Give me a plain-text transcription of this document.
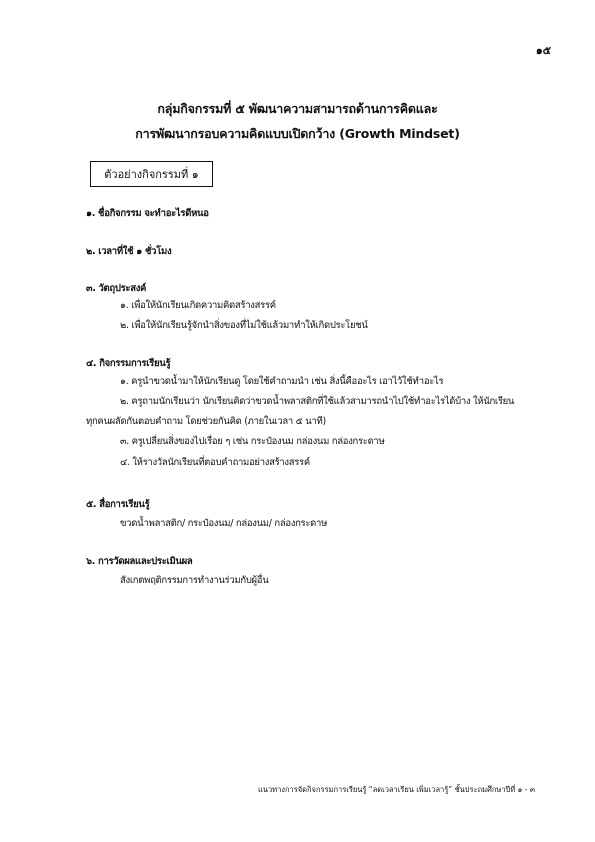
๑๕
กลุ่มกิจกรรมที่ ๕ พัฒนาความสามารถด้านการคิดและ
การพัฒนากรอบความคิดแบบเปิดกว้าง (Growth Mindset)
ตัวอย่างกิจกรรมที่ ๑
๑. ชื่อกิจกรรม จะทำอะไรดีหนอ
๒. เวลาที่ใช้ ๑ ชั่วโมง
๓. วัตถุประสงค์
๑. เพื่อให้นักเรียนเกิดความคิดสร้างสรรค์
๒. เพื่อให้นักเรียนรู้จักนำสิ่งของที่ไม่ใช้แล้วมาทำให้เกิดประโยชน์
๔. กิจกรรมการเรียนรู้
๑. ครูนำขวดน้ำมาให้นักเรียนดู โดยใช้คำถามนำ เช่น สิ่งนี้คืออะไร เอาไว้ใช้ทำอะไร
๒. ครูถามนักเรียนว่า นักเรียนคิดว่าขวดน้ำพลาสติกที่ใช้แล้วสามารถนำไปใช้ทำอะไรได้บ้าง ให้นักเรียน
ทุกคนผลัดกันตอบคำถาม โดยช่วยกันคิด (ภายในเวลา ๕ นาที)
๓. ครูเปลี่ยนสิ่งของไปเรื่อย ๆ เช่น กระป๋องนม กล่องนม กล่องกระดาษ
๔. ให้รางวัลนักเรียนที่ตอบคำถามอย่างสร้างสรรค์
๕. สื่อการเรียนรู้
ขวดน้ำพลาสติก/ กระป๋องนม/ กล่องนม/ กล่องกระดาษ
๖. การวัดผลและประเมินผล
สังเกตพฤติกรรมการทำงานร่วมกับผู้อื่น
แนวทางการจัดกิจกรรมการเรียนรู้ “ลดเวลาเรียน เพิ่มเวลารู้” ชั้นประถมศึกษาปีที่ ๑ - ๓
